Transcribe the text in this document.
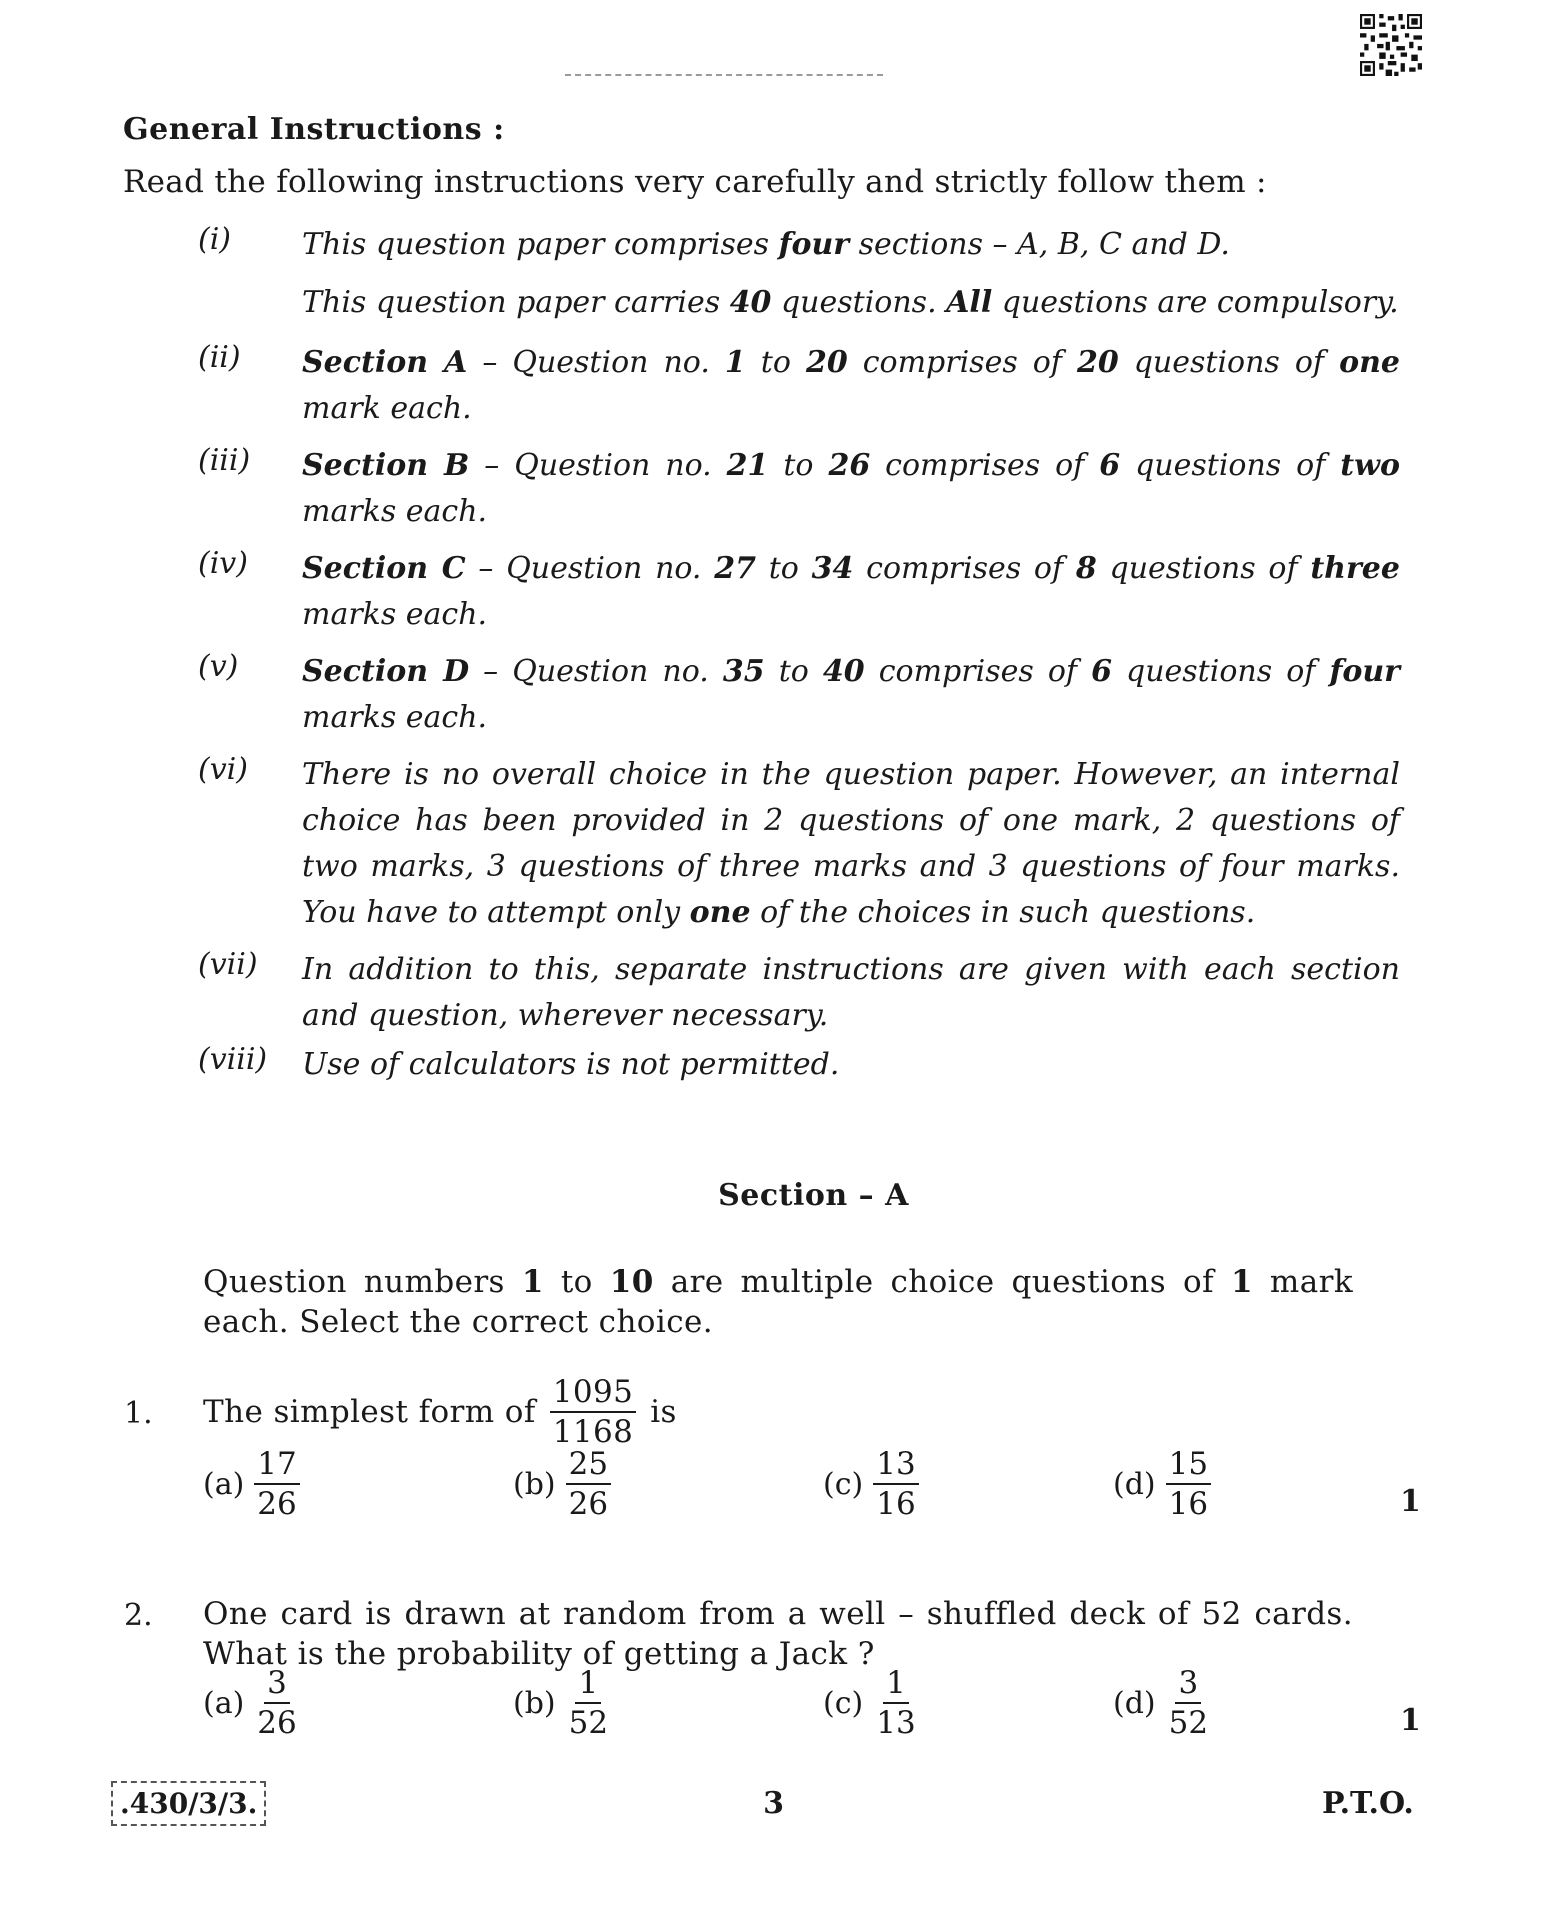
General Instructions :
Read the following instructions very carefully and strictly follow them :
(i) This question paper comprises four sections – A, B, C and D.
This question paper carries 40 questions. All questions are compulsory.
(ii) Section A – Question no. 1 to 20 comprises of 20 questions of one mark each.
(iii) Section B – Question no. 21 to 26 comprises of 6 questions of two marks each.
(iv) Section C – Question no. 27 to 34 comprises of 8 questions of three marks each.
(v) Section D – Question no. 35 to 40 comprises of 6 questions of four marks each.
(vi) There is no overall choice in the question paper. However, an internal choice has been provided in 2 questions of one mark, 2 questions of two marks, 3 questions of three marks and 3 questions of four marks. You have to attempt only one of the choices in such questions.
(vii) In addition to this, separate instructions are given with each section and question, wherever necessary.
(viii) Use of calculators is not permitted.
Section – A
Question numbers 1 to 10 are multiple choice questions of 1 mark each. Select the correct choice.
1. The simplest form of $\frac{1095}{1168}$ is
$(a) \frac{17}{26}$	$(b) \frac{25}{26}$	$(c) \frac{13}{16}$	$(d) \frac{15}{16}$	1
2. One card is drawn at random from a well – shuffled deck of 52 cards.
What is the probability of getting a Jack ?
$(a) \frac{3}{26}$	$(b) \frac{1}{52}$	$(c) \frac{1}{13}$	$(d) \frac{3}{52}$	1
.430/3/3.	3	P.T.O.
